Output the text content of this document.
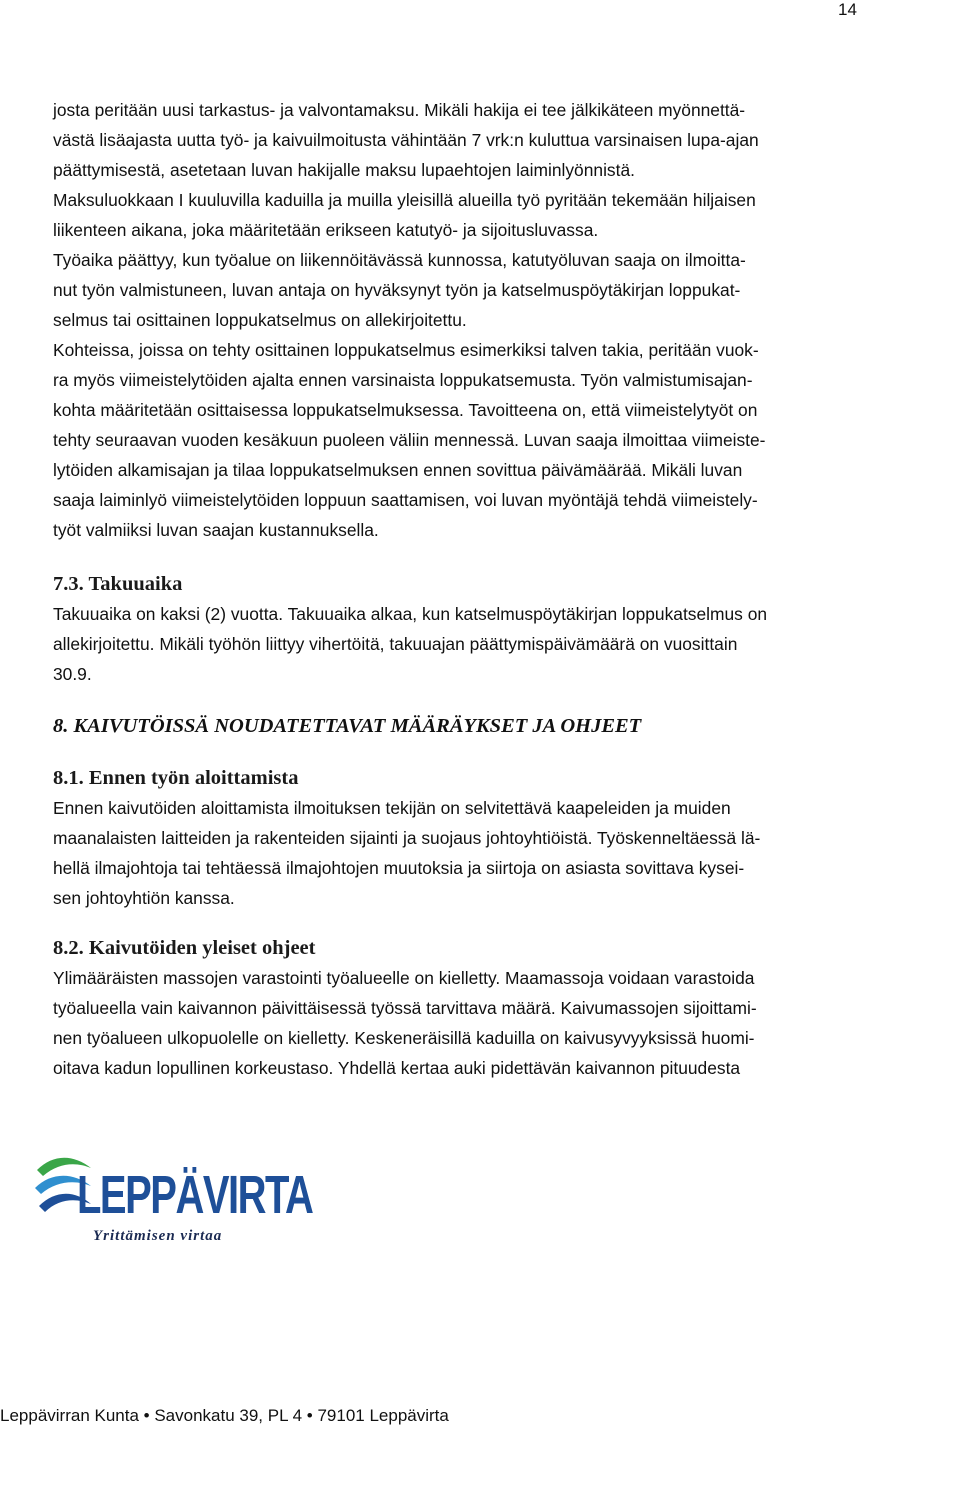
14

josta peritään uusi tarkastus- ja valvontamaksu. Mikäli hakija ei tee jälkikäteen myönnettä-
västä lisäajasta uutta työ- ja kaivuilmoitusta vähintään 7 vrk:n kuluttua varsinaisen lupa-ajan
päättymisestä, asetetaan luvan hakijalle maksu lupaehtojen laiminlyönnistä.

Maksuluokkaan I kuuluvilla kaduilla ja muilla yleisillä alueilla työ pyritään tekemään hiljaisen
liikenteen aikana, joka määritetään erikseen katutyö- ja sijoitusluvassa.

Työaika päättyy, kun työalue on liikennöitävässä kunnossa, katutyöluvan saaja on ilmoitta-
nut työn valmistuneen, luvan antaja on hyväksynyt työn ja katselmuspöytäkirjan loppukat-
selmus tai osittainen loppukatselmus on allekirjoitettu.

Kohteissa, joissa on tehty osittainen loppukatselmus esimerkiksi talven takia, peritään vuok-
ra myös viimeistelytöiden ajalta ennen varsinaista loppukatsemusta. Työn valmistumisajan-
kohta määritetään osittaisessa loppukatselmuksessa. Tavoitteena on, että viimeistelytyöt on
tehty seuraavan vuoden kesäkuun puoleen väliin mennessä. Luvan saaja ilmoittaa viimeiste-
lytöiden alkamisajan ja tilaa loppukatselmuksen ennen sovittua päivämäärää. Mikäli luvan
saaja laiminlyö viimeistelytöiden loppuun saattamisen, voi luvan myöntäjä tehdä viimeistely-
työt valmiiksi luvan saajan kustannuksella.

7.3. Takuuaika

Takuuaika on kaksi (2) vuotta. Takuuaika alkaa, kun katselmuspöytäkirjan loppukatselmus on
allekirjoitettu. Mikäli työhön liittyy vihertöitä, takuuajan päättymispäivämäärä on vuosittain
30.9.

8. KAIVUTÖISSÄ NOUDATETTAVAT MÄÄRÄYKSET JA OHJEET
8.1. Ennen työn aloittamista

Ennen kaivutöiden aloittamista ilmoituksen tekijän on selvitettävä kaapeleiden ja muiden
maanalaisten laitteiden ja rakenteiden sijainti ja suojaus johtoyhtiöistä. Työskenneltäessä lä-
hellä ilmajohtoja tai tehtäessä ilmajohtojen muutoksia ja siirtoja on asiasta sovittava kysei-
sen johtoyhtiön kanssa.

8.2. Kaivutöiden yleiset ohjeet

Ylimääräisten massojen varastointi työalueelle on kielletty. Maamassoja voidaan varastoida
työalueella vain kaivannon päivittäisessä työssä tarvittava määrä. Kaivumassojen sijoittami-
nen työalueen ulkopuolelle on kielletty. Keskeneräisillä kaduilla on kaivusyvyyksissä huomi-
oitava kadun lopullinen korkeustaso. Yhdellä kertaa auki pidettävän kaivannon pituudesta

LEPPÄVIRTA
Yrittämisen virtaa
Leppävirran Kunta • Savonkatu 39, PL 4 • 79101 Leppävirta
